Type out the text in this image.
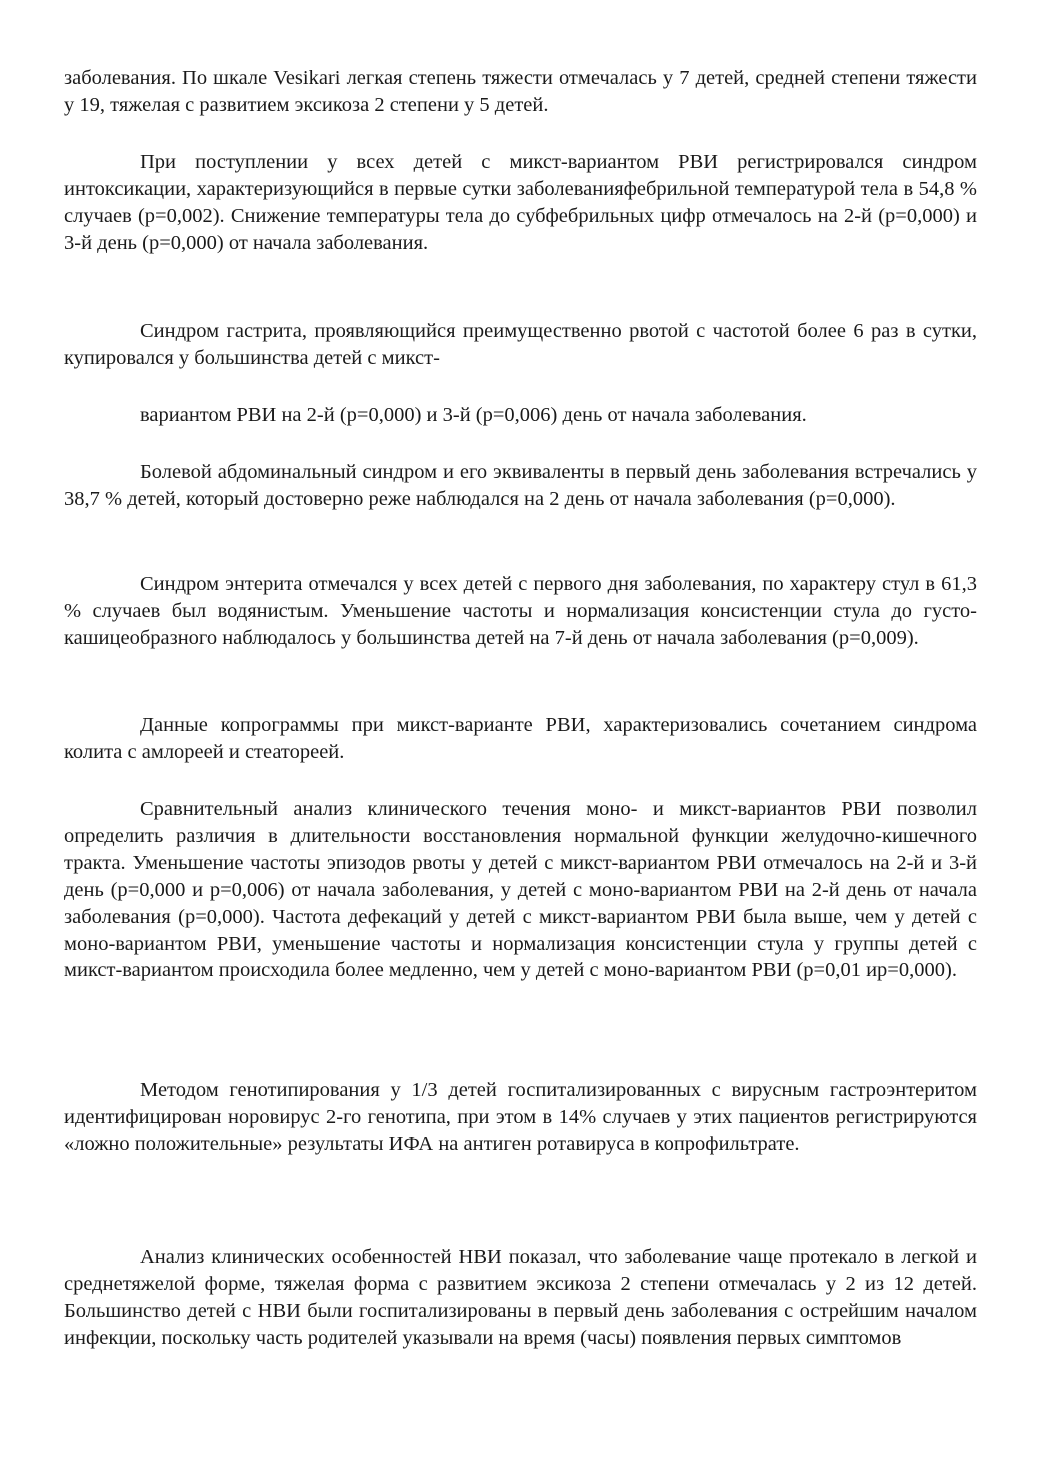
заболевания. По шкале Vesikari легкая степень тяжести отмечалась у 7 детей, средней степени тяжести у 19, тяжелая с развитием эксикоза 2 степени у 5 детей.

При поступлении у всех детей с микст-вариантом РВИ регистрировался синдром интоксикации, характеризующийся в первые сутки заболеванияфебрильной температурой тела в 54,8 % случаев (р=0,002). Снижение температуры тела до субфебрильных цифр отмечалось на 2-й (р=0,000) и 3-й день (р=0,000) от начала заболевания.

Синдром гастрита, проявляющийся преимущественно рвотой с частотой более 6 раз в сутки, купировался у большинства детей с микст-

вариантом РВИ на 2-й (р=0,000) и 3-й (р=0,006) день от начала заболевания.

Болевой абдоминальный синдром и его эквиваленты в первый день заболевания встречались у 38,7 % детей, который достоверно реже наблюдался на 2 день от начала заболевания (р=0,000).

Синдром энтерита отмечался у всех детей с первого дня заболевания, по характеру стул в 61,3 % случаев был водянистым. Уменьшение частоты и нормализация консистенции стула до густо-кашицеобразного наблюдалось у большинства детей на 7-й день от начала заболевания (р=0,009).

Данные копрограммы при микст-варианте РВИ, характеризовались сочетанием синдрома колита с амлореей и стеатореей.

Сравнительный анализ клинического течения моно- и микст-вариантов РВИ позволил определить различия в длительности восстановления нормальной функции желудочно-кишечного тракта. Уменьшение частоты эпизодов рвоты у детей с микст-вариантом РВИ отмечалось на 2-й и 3-й день (р=0,000 и р=0,006) от начала заболевания, у детей с моно-вариантом РВИ на 2-й день от начала заболевания (р=0,000). Частота дефекаций у детей с микст-вариантом РВИ была выше, чем у детей с моно-вариантом РВИ, уменьшение частоты и нормализация консистенции стула у группы детей с микст-вариантом происходила более медленно, чем у детей с моно-вариантом РВИ (р=0,01 ир=0,000).

Методом генотипирования у 1/3 детей госпитализированных с вирусным гастроэнтеритом идентифицирован норовирус 2-го генотипа, при этом в 14% случаев у этих пациентов регистрируются «ложно положительные» результаты ИФА на антиген ротавируса в копрофильтрате.

Анализ клинических особенностей НВИ показал, что заболевание чаще протекало в легкой и среднетяжелой форме, тяжелая форма с развитием эксикоза 2 степени отмечалась у 2 из 12 детей. Большинство детей с НВИ были госпитализированы в первый день заболевания с острейшим началом инфекции, поскольку часть родителей указывали на время (часы) появления первых симптомов
